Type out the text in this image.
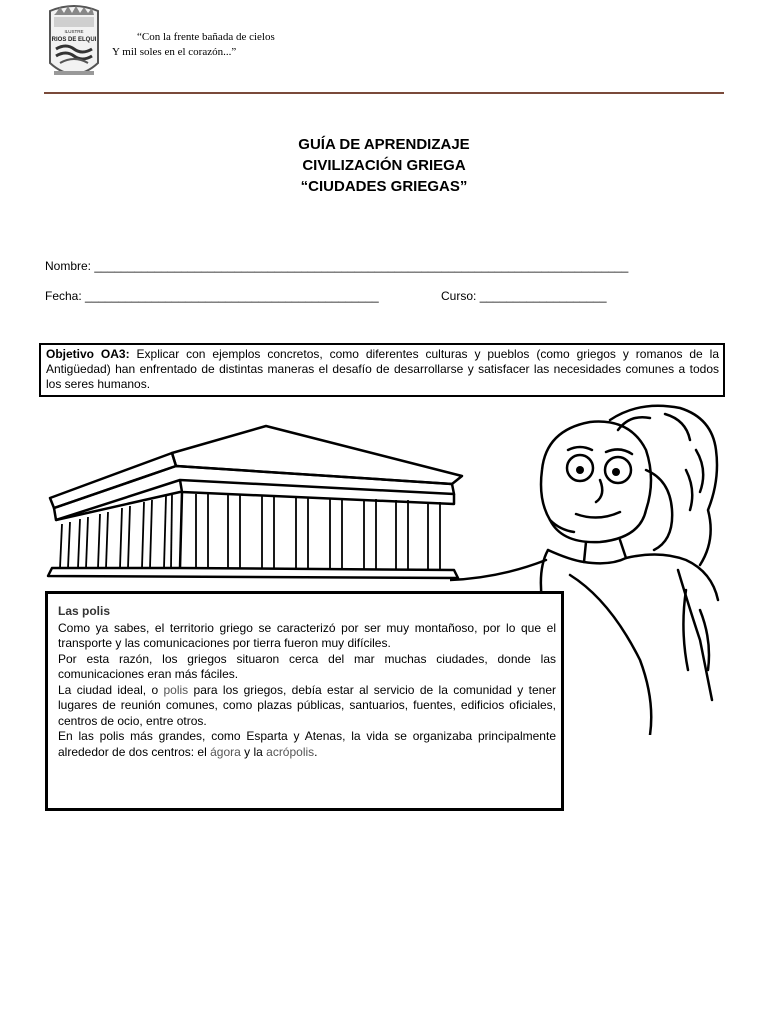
ILUSTRE
RIOS DE ELQUI	“Con la frente bañada de cielos
Y mil soles en el corazón...”
GUÍA DE APRENDIZAJE
CIVILIZACIÓN GRIEGA
“CIUDADES GRIEGAS”
Nombre: ________________________________________________________________________________
Fecha: ____________________________________________	Curso: ___________________
Objetivo OA3: Explicar con ejemplos concretos, como diferentes culturas y pueblos (como griegos y romanos de la Antigüedad) han enfrentado de distintas maneras el desafío de desarrollarse y satisfacer las necesidades comunes a todos los seres humanos.
Las polis

Como ya sabes, el territorio griego se caracterizó por ser muy montañoso, por lo que el transporte y las comunicaciones por tierra fueron muy difíciles.

Por esta razón, los griegos situaron cerca del mar muchas ciudades, donde las comunicaciones eran más fáciles.

La ciudad ideal, o polis para los griegos, debía estar al servicio de la comunidad y tener lugares de reunión comunes, como plazas públicas, santuarios, fuentes, edificios oficiales, centros de ocio, entre otros.

En las polis más grandes, como Esparta y Atenas, la vida se organizaba principalmente alrededor de dos centros: el ágora y la acrópolis.
